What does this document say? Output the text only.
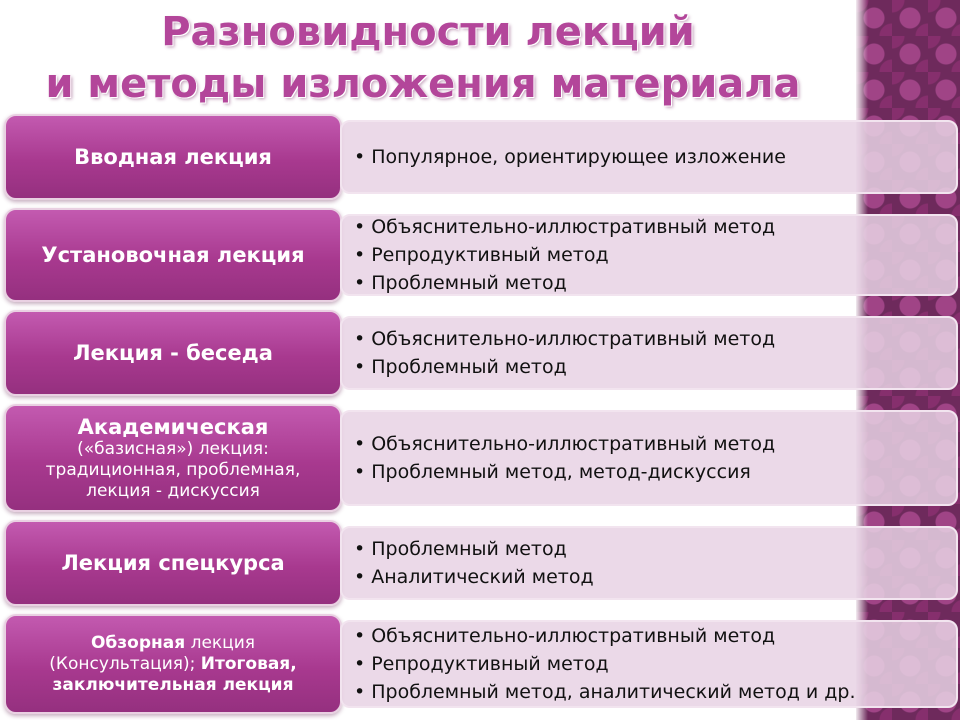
Разновидности лекций
и методы изложения материала
Вводная лекция
•	Популярное, ориентирующее изложение
Установочная лекция
• Объяснительно-иллюстративный метод
• Репродуктивный метод
• Проблемный метод
Лекция - беседа
• Объяснительно-иллюстративный метод
• Проблемный метод
Академическая
(«базисная») лекция:
традиционная, проблемная,
лекция - дискуссия
• Объяснительно-иллюстративный метод
• Проблемный метод, метод-дискуссия
Лекция спецкурса
• Проблемный метод
• Аналитический метод
Обзорная лекция
(Консультация); Итоговая,
заключительная лекция
• Объяснительно-иллюстративный метод
• Репродуктивный метод
• Проблемный метод, аналитический метод и др.
